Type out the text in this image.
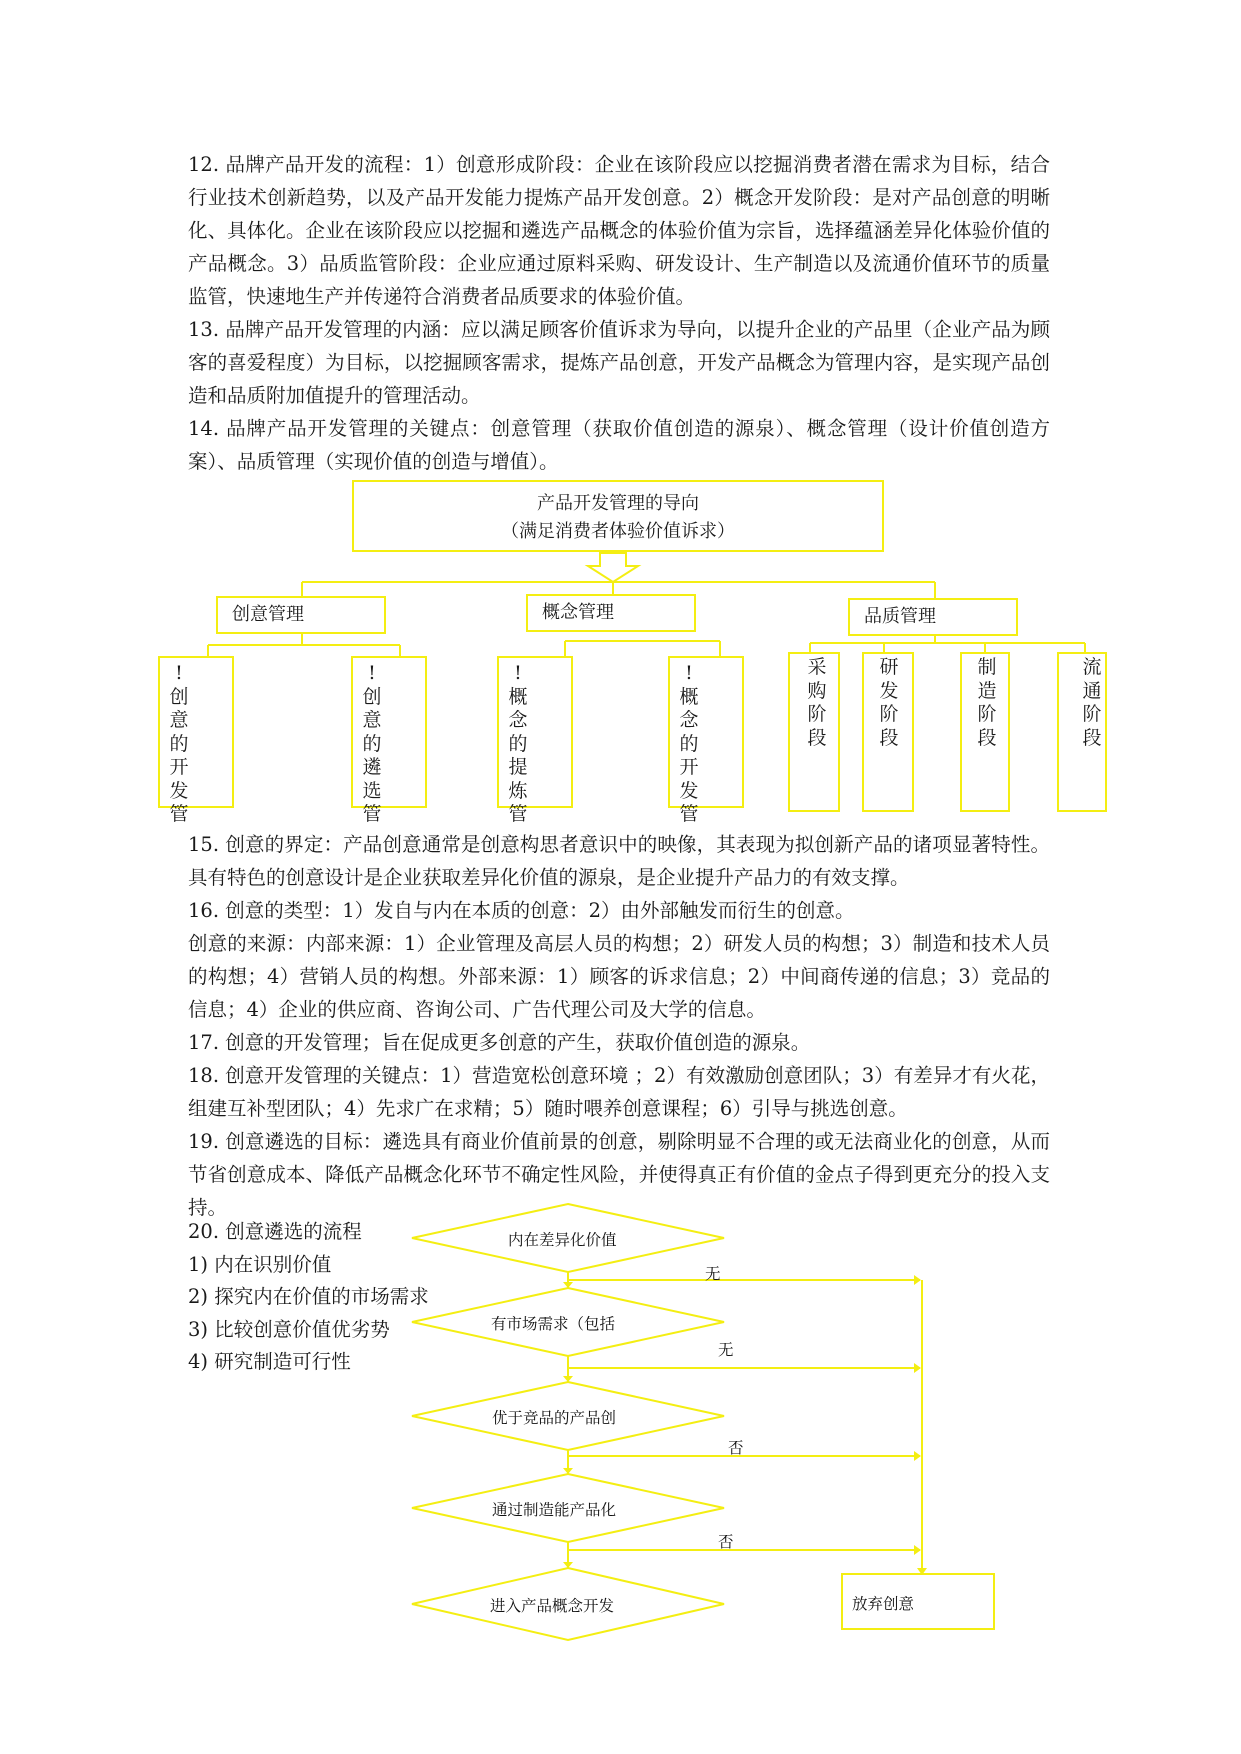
12. 品牌产品开发的流程：1）创意形成阶段：企业在该阶段应以挖掘消费者潜在需求为目标，结合行业技术创新趋势，以及产品开发能力提炼产品开发创意。2）概念开发阶段：是对产品创意的明晰化、具体化。企业在该阶段应以挖掘和遴选产品概念的体验价值为宗旨，选择蕴涵差异化体验价值的产品概念。3）品质监管阶段：企业应通过原料采购、研发设计、生产制造以及流通价值环节的质量监管，快速地生产并传递符合消费者品质要求的体验价值。

13. 品牌产品开发管理的内涵：应以满足顾客价值诉求为导向，以提升企业的产品里（企业产品为顾客的喜爱程度）为目标，以挖掘顾客需求，提炼产品创意，开发产品概念为管理内容，是实现产品创造和品质附加值提升的管理活动。

14. 品牌产品开发管理的关键点：创意管理（获取价值创造的源泉）、概念管理（设计价值创造方案）、品质管理（实现价值的创造与增值）。

产品开发管理的导向
（满足消费者体验价值诉求）
创意管理	概念管理	品质管理
!创意的开发管
!创意的遴选管
!概念的提炼管
!概念的开发管
采购阶段
研发阶段
制造阶段
流通阶段

15. 创意的界定：产品创意通常是创意构思者意识中的映像，其表现为拟创新产品的诸项显著特性。具有特色的创意设计是企业获取差异化价值的源泉，是企业提升产品力的有效支撑。

16. 创意的类型：1）发自与内在本质的创意：2）由外部触发而衍生的创意。

创意的来源：内部来源：1）企业管理及高层人员的构想；2）研发人员的构想；3）制造和技术人员的构想；4）营销人员的构想。外部来源：1）顾客的诉求信息；2）中间商传递的信息；3）竞品的信息；4）企业的供应商、咨询公司、广告代理公司及大学的信息。

17. 创意的开发管理；旨在促成更多创意的产生，获取价值创造的源泉。

18. 创意开发管理的关键点：1）营造宽松创意环境 ；2）有效激励创意团队；3）有差异才有火花，组建互补型团队；4）先求广在求精；5）随时喂养创意课程；6）引导与挑选创意。

19. 创意遴选的目标：遴选具有商业价值前景的创意，剔除明显不合理的或无法商业化的创意，从而节省创意成本、降低产品概念化环节不确定性风险，并使得真正有价值的金点子得到更充分的投入支持。

20. 创意遴选的流程
1) 内在识别价值
2) 探究内在价值的市场需求
3) 比较创意价值优劣势
4) 研究制造可行性
内在差异化价值
有市场需求（包括
优于竞品的产品创
通过制造能产品化
进入产品概念开发	放弃创意
无
无
否
否
